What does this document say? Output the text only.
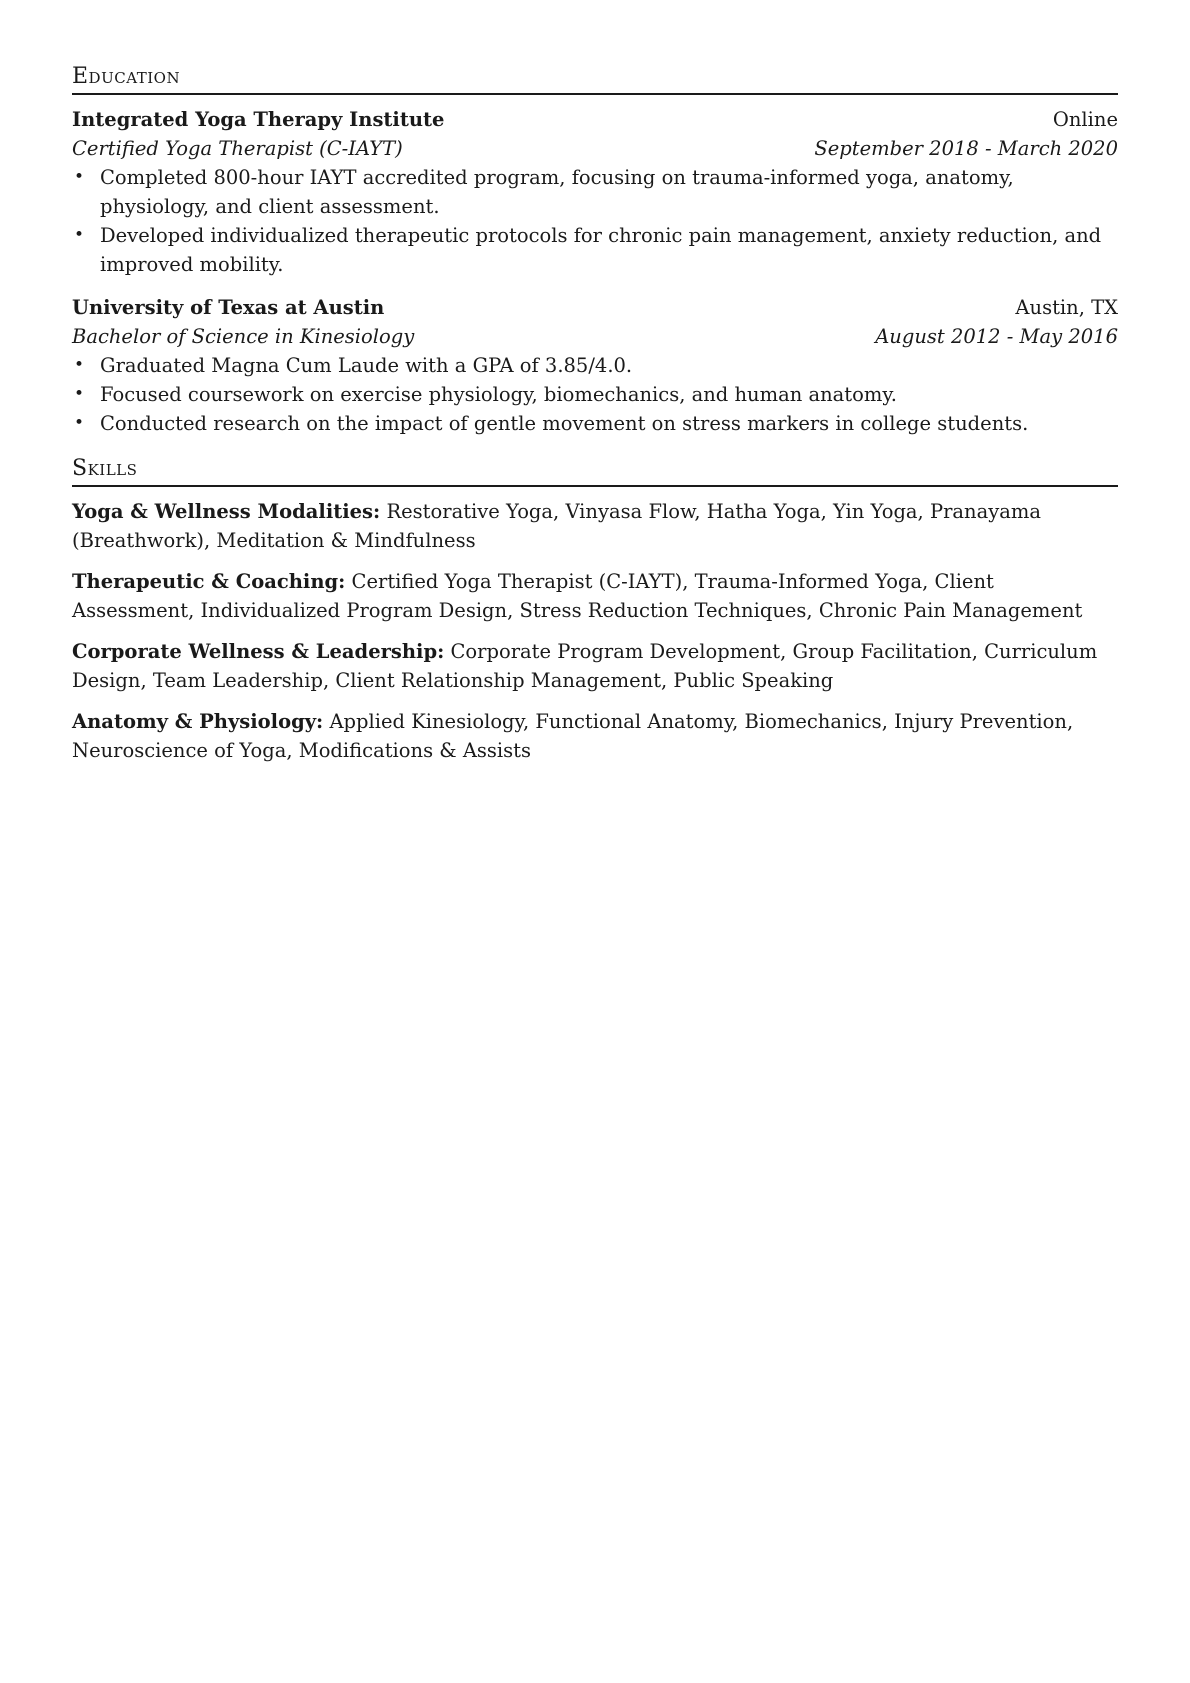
Education
Integrated Yoga Therapy Institute	Online
Certified Yoga Therapist (C-IAYT)	September 2018 - March 2020
• Completed 800-hour IAYT accredited program, focusing on trauma-informed yoga, anatomy, physiology, and client assessment.
• Developed individualized therapeutic protocols for chronic pain management, anxiety reduction, and improved mobility.
University of Texas at Austin	Austin, TX
Bachelor of Science in Kinesiology	August 2012 - May 2016
• Graduated Magna Cum Laude with a GPA of 3.85/4.0.
• Focused coursework on exercise physiology, biomechanics, and human anatomy.
• Conducted research on the impact of gentle movement on stress markers in college students.
Skills
Yoga & Wellness Modalities: Restorative Yoga, Vinyasa Flow, Hatha Yoga, Yin Yoga, Pranayama (Breathwork), Meditation & Mindfulness
Therapeutic & Coaching: Certified Yoga Therapist (C-IAYT), Trauma-Informed Yoga, Client Assessment, Individualized Program Design, Stress Reduction Techniques, Chronic Pain Management
Corporate Wellness & Leadership: Corporate Program Development, Group Facilitation, Curriculum Design, Team Leadership, Client Relationship Management, Public Speaking
Anatomy & Physiology: Applied Kinesiology, Functional Anatomy, Biomechanics, Injury Prevention, Neuroscience of Yoga, Modifications & Assists
